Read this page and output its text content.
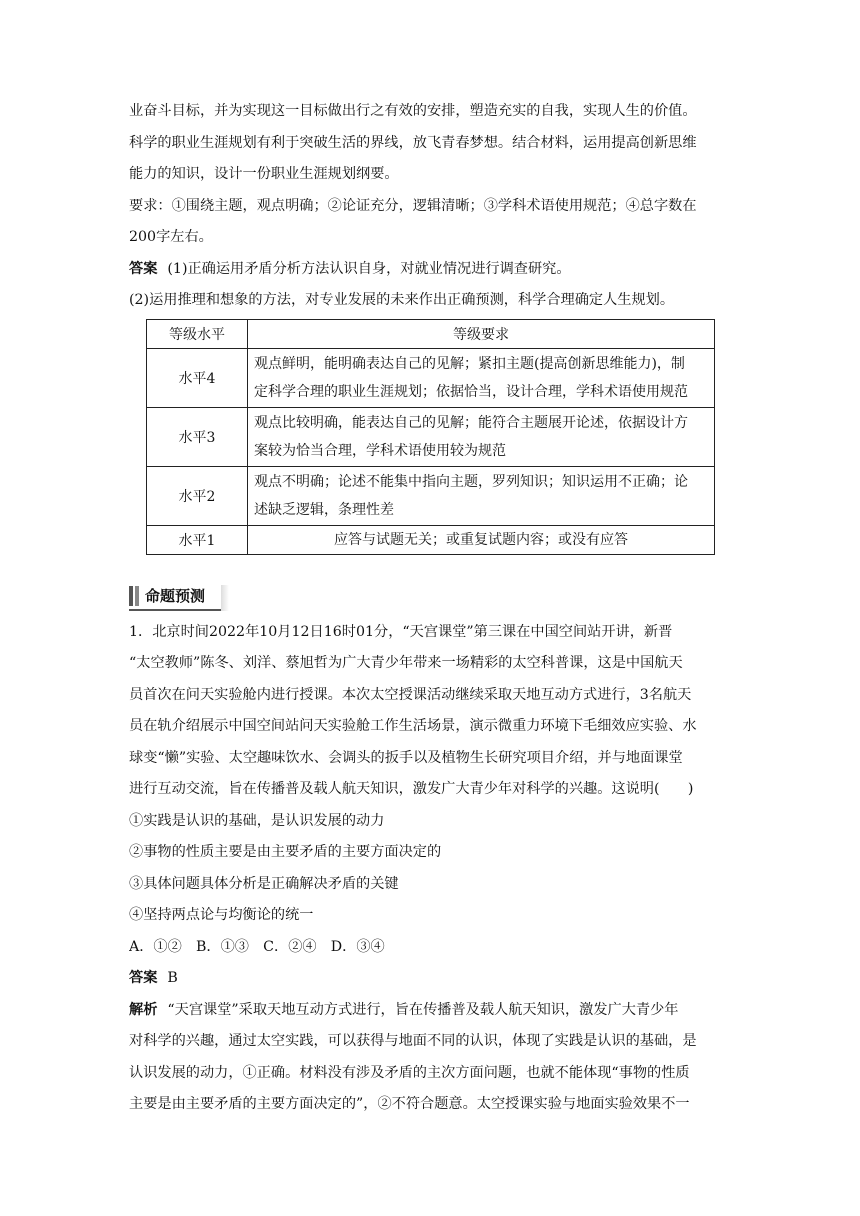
业奋斗目标，并为实现这一目标做出行之有效的安排，塑造充实的自我，实现人生的价值。
科学的职业生涯规划有利于突破生活的界线，放飞青春梦想。结合材料，运用提高创新思维
能力的知识，设计一份职业生涯规划纲要。
要求：①围绕主题，观点明确；②论证充分，逻辑清晰；③学科术语使用规范；④总字数在
200字左右。
答案 (1)正确运用矛盾分析方法认识自身，对就业情况进行调查研究。
(2)运用推理和想象的方法，对专业发展的未来作出正确预测，科学合理确定人生规划。
等级水平	等级要求
水平4	观点鲜明，能明确表达自己的见解；紧扣主题(提高创新思维能力)，制
定科学合理的职业生涯规划；依据恰当，设计合理，学科术语使用规范

水平3	观点比较明确，能表达自己的见解；能符合主题展开论述，依据设计方
案较为恰当合理，学科术语使用较为规范

水平2	观点不明确；论述不能集中指向主题，罗列知识；知识运用不正确；论
述缺乏逻辑，条理性差

水平1	应答与试题无关；或重复试题内容；或没有应答
命题预测
1．北京时间2022年10月12日16时01分，“天宫课堂”第三课在中国空间站开讲，新晋
“太空教师”陈冬、刘洋、蔡旭哲为广大青少年带来一场精彩的太空科普课，这是中国航天
员首次在问天实验舱内进行授课。本次太空授课活动继续采取天地互动方式进行，3名航天
员在轨介绍展示中国空间站问天实验舱工作生活场景，演示微重力环境下毛细效应实验、水
球变“懒”实验、太空趣味饮水、会调头的扳手以及植物生长研究项目介绍，并与地面课堂
进行互动交流，旨在传播普及载人航天知识，激发广大青少年对科学的兴趣。这说明(　　)
①实践是认识的基础，是认识发展的动力
②事物的性质主要是由主要矛盾的主要方面决定的
③具体问题具体分析是正确解决矛盾的关键
④坚持两点论与均衡论的统一
A．①②　B．①③　C．②④　D．③④
答案 B
解析 “天宫课堂”采取天地互动方式进行，旨在传播普及载人航天知识，激发广大青少年
对科学的兴趣，通过太空实践，可以获得与地面不同的认识，体现了实践是认识的基础，是
认识发展的动力，①正确。材料没有涉及矛盾的主次方面问题，也就不能体现“事物的性质
主要是由主要矛盾的主要方面决定的”，②不符合题意。太空授课实验与地面实验效果不一
